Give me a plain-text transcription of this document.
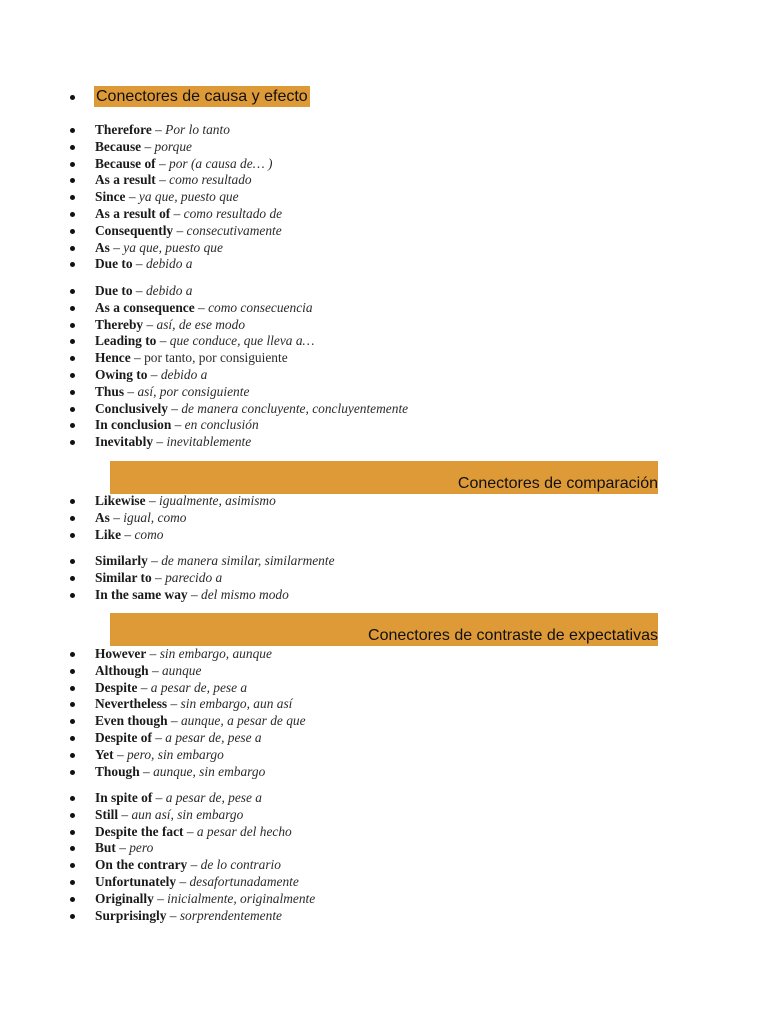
Conectores de causa y efecto
Therefore – Por lo tanto
Because – porque
Because of – por (a causa de… )
As a result – como resultado
Since – ya que, puesto que
As a result of – como resultado de
Consequently – consecutivamente
As – ya que, puesto que
Due to – debido a
Due to – debido a
As a consequence – como consecuencia
Thereby – así, de ese modo
Leading to – que conduce, que lleva a…
Hence – por tanto, por consiguiente
Owing to – debido a
Thus – así, por consiguiente
Conclusively – de manera concluyente, concluyentemente
In conclusion – en conclusión
Inevitably – inevitablemente
Conectores de comparación
Likewise – igualmente, asimismo
As – igual, como
Like – como
Similarly – de manera similar, similarmente
Similar to – parecido a
In the same way – del mismo modo
Conectores de contraste de expectativas
However – sin embargo, aunque
Although – aunque
Despite – a pesar de, pese a
Nevertheless – sin embargo, aun así
Even though – aunque, a pesar de que
Despite of – a pesar de, pese a
Yet – pero, sin embargo
Though – aunque, sin embargo
In spite of – a pesar de, pese a
Still – aun así, sin embargo
Despite the fact – a pesar del hecho
But – pero
On the contrary – de lo contrario
Unfortunately – desafortunadamente
Originally – inicialmente, originalmente
Surprisingly – sorprendentemente
